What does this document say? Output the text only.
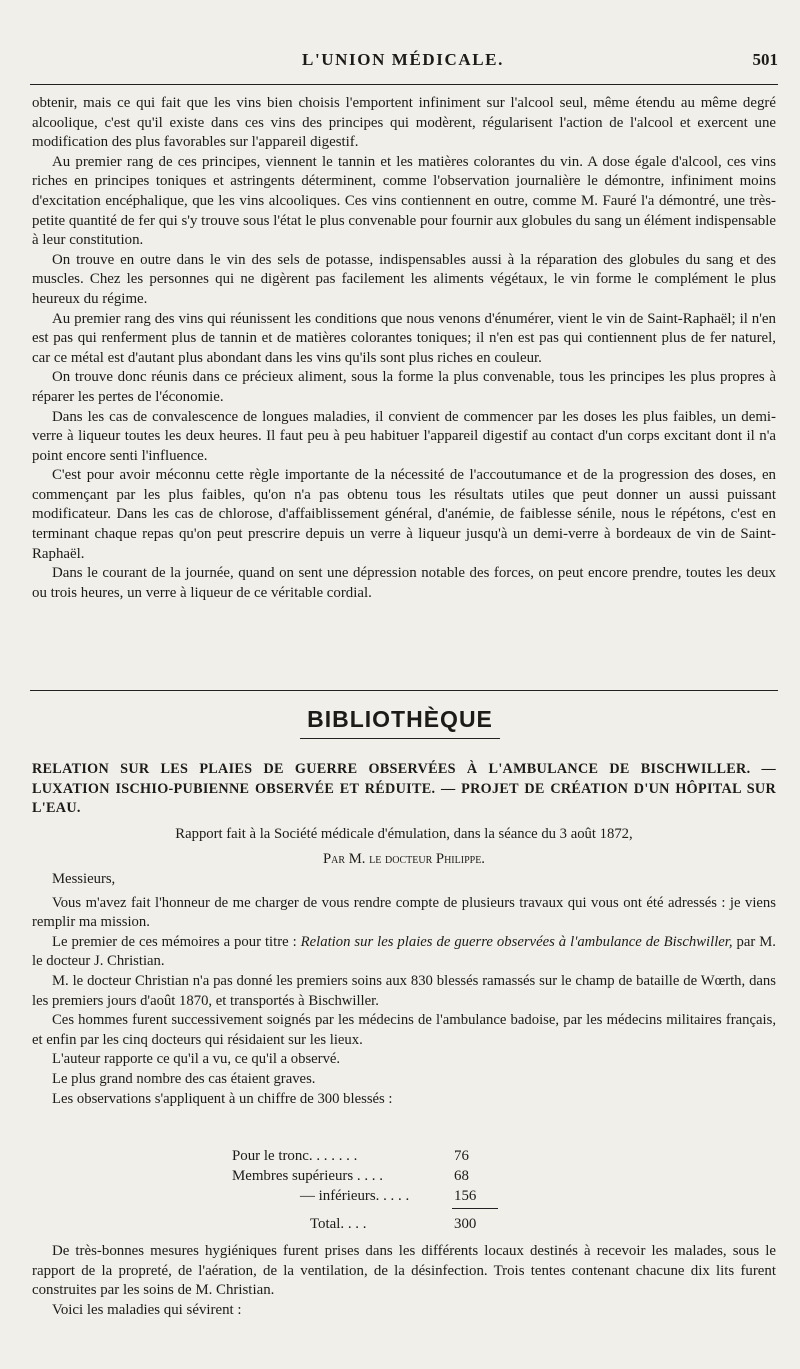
L'UNION MÉDICALE.	501

obtenir, mais ce qui fait que les vins bien choisis l'emportent infiniment sur l'alcool seul, même étendu au même degré alcoolique, c'est qu'il existe dans ces vins des principes qui modèrent, régularisent l'action de l'alcool et exercent une modification des plus favorables sur l'appareil digestif.

Au premier rang de ces principes, viennent le tannin et les matières colorantes du vin. A dose égale d'alcool, ces vins riches en principes toniques et astringents déterminent, comme l'observation journalière le démontre, infiniment moins d'excitation encéphalique, que les vins alcooliques. Ces vins contiennent en outre, comme M. Fauré l'a démontré, une très-petite quantité de fer qui s'y trouve sous l'état le plus convenable pour fournir aux globules du sang un élément indispensable à leur constitution.

On trouve en outre dans le vin des sels de potasse, indispensables aussi à la réparation des globules du sang et des muscles. Chez les personnes qui ne digèrent pas facilement les aliments végétaux, le vin forme le complément le plus heureux du régime.

Au premier rang des vins qui réunissent les conditions que nous venons d'énumérer, vient le vin de Saint-Raphaël; il n'en est pas qui renferment plus de tannin et de matières colorantes toniques; il n'en est pas qui contiennent plus de fer naturel, car ce métal est d'autant plus abondant dans les vins qu'ils sont plus riches en couleur.

On trouve donc réunis dans ce précieux aliment, sous la forme la plus convenable, tous les principes les plus propres à réparer les pertes de l'économie.

Dans les cas de convalescence de longues maladies, il convient de commencer par les doses les plus faibles, un demi-verre à liqueur toutes les deux heures. Il faut peu à peu habituer l'appareil digestif au contact d'un corps excitant dont il n'a point encore senti l'influence.

C'est pour avoir méconnu cette règle importante de la nécessité de l'accoutumance et de la progression des doses, en commençant par les plus faibles, qu'on n'a pas obtenu tous les résultats utiles que peut donner un aussi puissant modificateur. Dans les cas de chlorose, d'affaiblissement général, d'anémie, de faiblesse sénile, nous le répétons, c'est en terminant chaque repas qu'on peut prescrire depuis un verre à liqueur jusqu'à un demi-verre à bordeaux de vin de Saint-Raphaël.

Dans le courant de la journée, quand on sent une dépression notable des forces, on peut encore prendre, toutes les deux ou trois heures, un verre à liqueur de ce véritable cordial.

BIBLIOTHÈQUE

RELATION SUR LES PLAIES DE GUERRE OBSERVÉES À L'AMBULANCE DE BISCHWILLER. — LUXATION ISCHIO-PUBIENNE OBSERVÉE ET RÉDUITE. — PROJET DE CRÉATION D'UN HÔPITAL SUR L'EAU.

Rapport fait à la Société médicale d'émulation, dans la séance du 3 août 1872,

Par M. le docteur Philippe.

Messieurs,

Vous m'avez fait l'honneur de me charger de vous rendre compte de plusieurs travaux qui vous ont été adressés : je viens remplir ma mission.

Le premier de ces mémoires a pour titre : Relation sur les plaies de guerre observées à l'ambulance de Bischwiller, par M. le docteur J. Christian.

M. le docteur Christian n'a pas donné les premiers soins aux 830 blessés ramassés sur le champ de bataille de Wœrth, dans les premiers jours d'août 1870, et transportés à Bischwiller.

Ces hommes furent successivement soignés par les médecins de l'ambulance badoise, par les médecins militaires français, et enfin par les cinq docteurs qui résidaient sur les lieux.

L'auteur rapporte ce qu'il a vu, ce qu'il a observé.

Le plus grand nombre des cas étaient graves.

Les observations s'appliquent à un chiffre de 300 blessés :

Pour le tronc. . . . . . .	76
Membres supérieurs . . . .	68
— inférieurs. . . . .	156
Total. . . .	300

De très-bonnes mesures hygiéniques furent prises dans les différents locaux destinés à recevoir les malades, sous le rapport de la propreté, de l'aération, de la ventilation, de la désinfection. Trois tentes contenant chacune dix lits furent construites par les soins de M. Christian.

Voici les maladies qui sévirent :
